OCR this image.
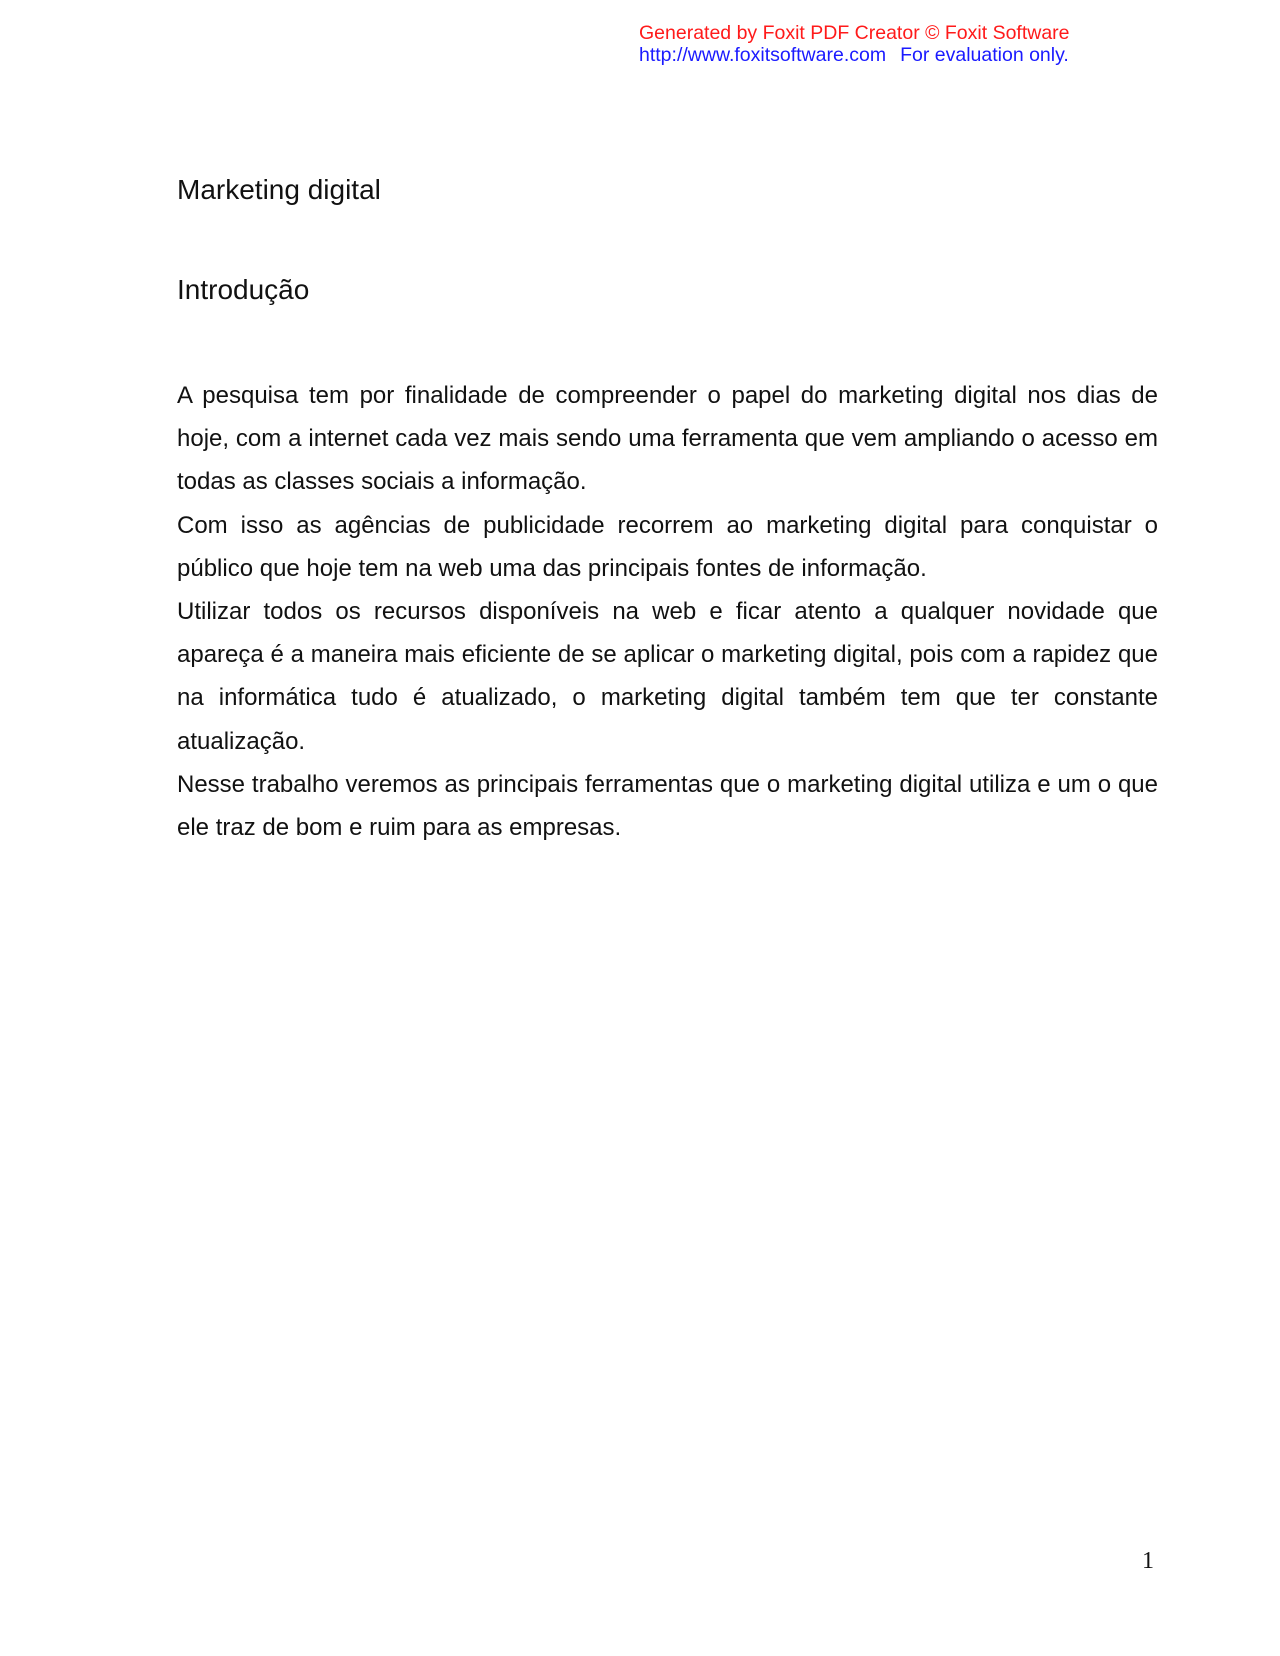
Generated by Foxit PDF Creator © Foxit Software
http://www.foxitsoftware.com For evaluation only.
Marketing digital
Introdução

A pesquisa tem por finalidade de compreender o papel do marketing digital nos dias de hoje, com a internet cada vez mais sendo uma ferramenta que vem ampliando o acesso em todas as classes sociais a informação.

Com isso as agências de publicidade recorrem ao marketing digital para conquistar o público que hoje tem na web uma das principais fontes de informação.

Utilizar todos os recursos disponíveis na web e ficar atento a qualquer novidade que apareça é a maneira mais eficiente de se aplicar o marketing digital, pois com a rapidez que na informática tudo é atualizado, o marketing digital também tem que ter constante atualização.

Nesse trabalho veremos as principais ferramentas que o marketing digital utiliza e um o que ele traz de bom e ruim para as empresas.

1
